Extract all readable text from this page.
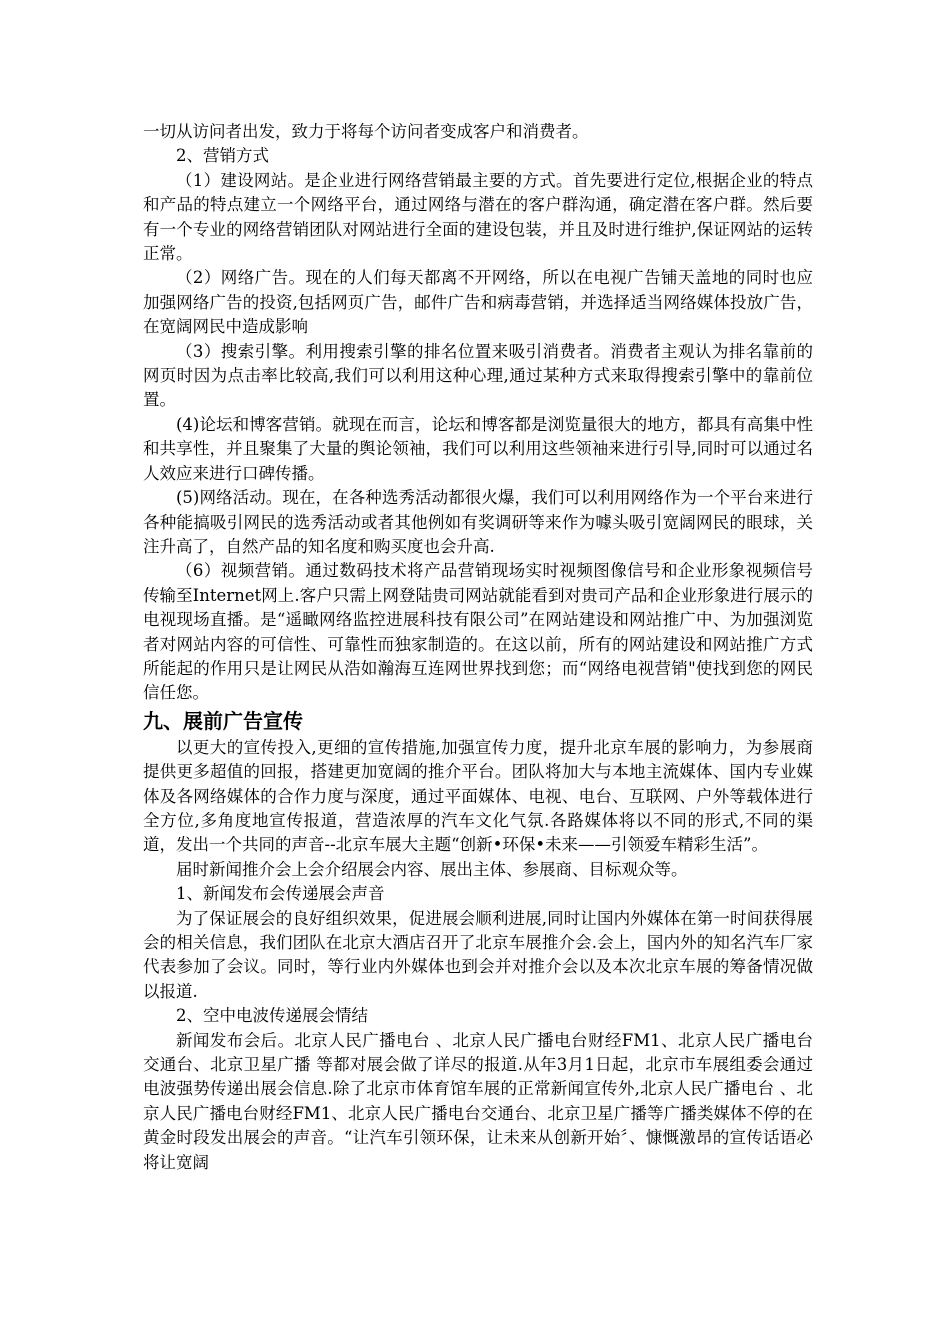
一切从访问者出发，致力于将每个访问者变成客户和消费者。

2、营销方式

（1）建设网站。是企业进行网络营销最主要的方式。首先要进行定位,根据企业的特点和产品的特点建立一个网络平台，通过网络与潜在的客户群沟通，确定潜在客户群。然后要有一个专业的网络营销团队对网站进行全面的建设包装，并且及时进行维护,保证网站的运转正常。

（2）网络广告。现在的人们每天都离不开网络，所以在电视广告铺天盖地的同时也应加强网络广告的投资,包括网页广告，邮件广告和病毒营销，并选择适当网络媒体投放广告，在宽阔网民中造成影响

（3）搜索引擎。利用搜索引擎的排名位置来吸引消费者。消费者主观认为排名靠前的网页时因为点击率比较高,我们可以利用这种心理,通过某种方式来取得搜索引擎中的靠前位置。

(4)论坛和博客营销。就现在而言，论坛和博客都是浏览量很大的地方，都具有高集中性和共享性，并且聚集了大量的舆论领袖，我们可以利用这些领袖来进行引导,同时可以通过名人效应来进行口碑传播。

(5)网络活动。现在，在各种选秀活动都很火爆，我们可以利用网络作为一个平台来进行各种能搞吸引网民的选秀活动或者其他例如有奖调研等来作为噱头吸引宽阔网民的眼球，关注升高了，自然产品的知名度和购买度也会升高.

（6）视频营销。通过数码技术将产品营销现场实时视频图像信号和企业形象视频信号传输至Internet网上.客户只需上网登陆贵司网站就能看到对贵司产品和企业形象进行展示的电视现场直播。是“遥瞰网络监控进展科技有限公司”在网站建设和网站推广中、为加强浏览者对网站内容的可信性、可靠性而独家制造的。在这以前，所有的网站建设和网站推广方式所能起的作用只是让网民从浩如瀚海互连网世界找到您；而“网络电视营销"使找到您的网民信任您。

九、展前广告宣传

以更大的宣传投入,更细的宣传措施,加强宣传力度，提升北京车展的影响力，为参展商提供更多超值的回报，搭建更加宽阔的推介平台。团队将加大与本地主流媒体、国内专业媒体及各网络媒体的合作力度与深度，通过平面媒体、电视、电台、互联网、户外等载体进行全方位,多角度地宣传报道，营造浓厚的汽车文化气氛.各路媒体将以不同的形式,不同的渠道，发出一个共同的声音--北京车展大主题“创新•环保•未来——引领爱车精彩生活”。

届时新闻推介会上会介绍展会内容、展出主体、参展商、目标观众等。

1、新闻发布会传递展会声音

为了保证展会的良好组织效果，促进展会顺利进展,同时让国内外媒体在第一时间获得展会的相关信息，我们团队在北京大酒店召开了北京车展推介会.会上，国内外的知名汽车厂家代表参加了会议。同时，等行业内外媒体也到会并对推介会以及本次北京车展的筹备情况做以报道.

2、空中电波传递展会情结

新闻发布会后。北京人民广播电台 、北京人民广播电台财经FM1、北京人民广播电台交通台、北京卫星广播 等都对展会做了详尽的报道.从年3月1日起，北京市车展组委会通过电波强势传递出展会信息.除了北京市体育馆车展的正常新闻宣传外,北京人民广播电台 、北京人民广播电台财经FM1、北京人民广播电台交通台、北京卫星广播等广播类媒体不停的在黄金时段发出展会的声音。“让汽车引领环保，让未来从创新开始〞、慷慨激昂的宣传话语必将让宽阔
